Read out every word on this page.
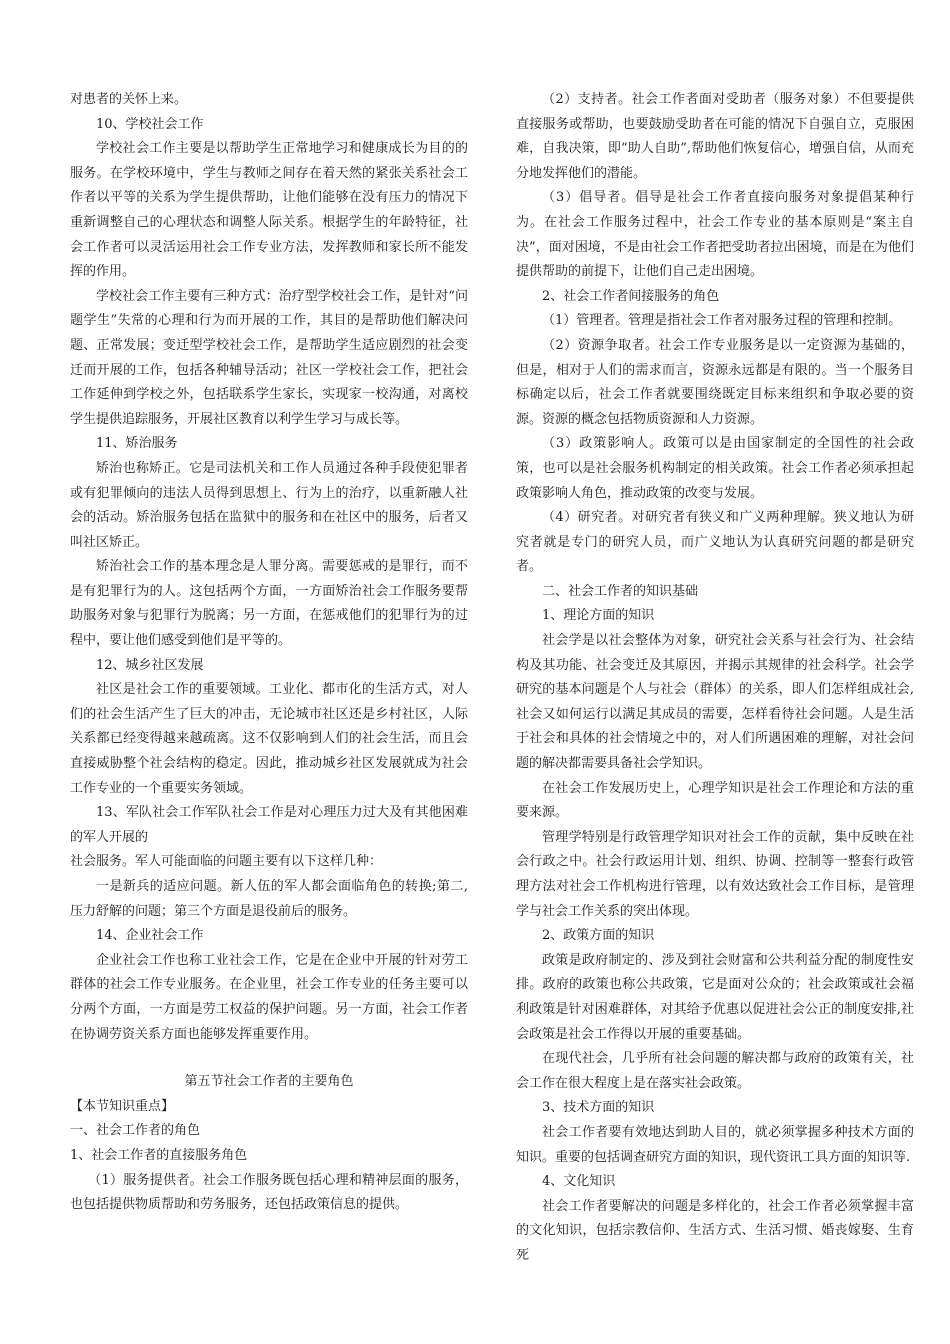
对患者的关怀上来。

10、学校社会工作

学校社会工作主要是以帮助学生正常地学习和健康成长为目的的服务。在学校环境中，学生与教师之间存在着天然的紧张关系社会工作者以平等的关系为学生提供帮助，让他们能够在没有压力的情况下重新调整自己的心理状态和调整人际关系。根据学生的年龄特征，社会工作者可以灵活运用社会工作专业方法，发挥教师和家长所不能发挥的作用。

学校社会工作主要有三种方式：治疗型学校社会工作，是针对“问题学生”失常的心理和行为而开展的工作，其目的是帮助他们解决问题、正常发展；变迁型学校社会工作，是帮助学生适应剧烈的社会变迁而开展的工作，包括各种辅导活动；社区一学校社会工作，把社会工作延伸到学校之外，包括联系学生家长，实现家一校沟通，对离校学生提供追踪服务，开展社区教育以利学生学习与成长等。

11、矫治服务

矫治也称矫正。它是司法机关和工作人员通过各种手段使犯罪者或有犯罪倾向的违法人员得到思想上、行为上的治疗，以重新融人社会的活动。矫治服务包括在监狱中的服务和在社区中的服务，后者又叫社区矫正。

矫治社会工作的基本理念是人罪分离。需要惩戒的是罪行，而不是有犯罪行为的人。这包括两个方面，一方面矫治社会工作服务要帮助服务对象与犯罪行为脱离；另一方面，在惩戒他们的犯罪行为的过程中，要让他们感受到他们是平等的。

12、城乡社区发展

社区是社会工作的重要领域。工业化、都市化的生活方式，对人们的社会生活产生了巨大的冲击，无论城市社区还是乡村社区，人际关系都已经变得越来越疏离。这不仅影响到人们的社会生活，而且会直接威胁整个社会结构的稳定。因此，推动城乡社区发展就成为社会工作专业的一个重要实务领域。

13、军队社会工作军队社会工作是对心理压力过大及有其他困难的军人开展的

社会服务。军人可能面临的问题主要有以下这样几种：

一是新兵的适应问题。新人伍的军人都会面临角色的转换;第二,压力舒解的问题；第三个方面是退役前后的服务。

14、企业社会工作

企业社会工作也称工业社会工作，它是在企业中开展的针对劳工群体的社会工作专业服务。在企业里，社会工作专业的任务主要可以分两个方面，一方面是劳工权益的保护问题。另一方面，社会工作者在协调劳资关系方面也能够发挥重要作用。

第五节社会工作者的主要角色

【本节知识重点】

一、社会工作者的角色

1、社会工作者的直接服务角色

（1）服务提供者。社会工作服务既包括心理和精神层面的服务，也包括提供物质帮助和劳务服务，还包括政策信息的提供。

（2）支持者。社会工作者面对受助者（服务对象）不但要提供直接服务或帮助，也要鼓励受助者在可能的情况下自强自立，克服困难，自我决策，即“助人自助”,帮助他们恢复信心，增强自信，从而充分地发挥他们的潜能。

（3）倡导者。倡导是社会工作者直接向服务对象提倡某种行为。在社会工作服务过程中，社会工作专业的基本原则是“案主自决”，面对困境，不是由社会工作者把受助者拉出困境，而是在为他们提供帮助的前提下，让他们自己走出困境。

2、社会工作者间接服务的角色

（1）管理者。管理是指社会工作者对服务过程的管理和控制。

（2）资源争取者。社会工作专业服务是以一定资源为基础的，但是，相对于人们的需求而言，资源永远都是有限的。当一个服务目标确定以后，社会工作者就要围绕既定目标来组织和争取必要的资源。资源的概念包括物质资源和人力资源。

（3）政策影响人。政策可以是由国家制定的全国性的社会政策，也可以是社会服务机构制定的相关政策。社会工作者必须承担起政策影响人角色，推动政策的改变与发展。

（4）研究者。对研究者有狭义和广义两种理解。狭义地认为研究者就是专门的研究人员，而广义地认为认真研究问题的都是研究者。

二、社会工作者的知识基础

1、理论方面的知识

社会学是以社会整体为对象，研究社会关系与社会行为、社会结构及其功能、社会变迁及其原因，并揭示其规律的社会科学。社会学研究的基本问题是个人与社会（群体）的关系，即人们怎样组成社会,社会又如何运行以满足其成员的需要，怎样看待社会问题。人是生活于社会和具体的社会情境之中的，对人们所遇困难的理解，对社会问题的解决都需要具备社会学知识。

在社会工作发展历史上，心理学知识是社会工作理论和方法的重要来源。

管理学特别是行政管理学知识对社会工作的贡献，集中反映在社会行政之中。社会行政运用计划、组织、协调、控制等一整套行政管理方法对社会工作机构进行管理，以有效达致社会工作目标，是管理学与社会工作关系的突出体现。

2、政策方面的知识

政策是政府制定的、涉及到社会财富和公共利益分配的制度性安排。政府的政策也称公共政策，它是面对公众的；社会政策或社会福利政策是针对困难群体，对其给予优惠以促进社会公正的制度安排,社会政策是社会工作得以开展的重要基础。

在现代社会，几乎所有社会问题的解决都与政府的政策有关，社会工作在很大程度上是在落实社会政策。

3、技术方面的知识

社会工作者要有效地达到助人目的，就必须掌握多种技术方面的知识。重要的包括调查研究方面的知识，现代资讯工具方面的知识等.

4、文化知识

社会工作者要解决的问题是多样化的，社会工作者必须掌握丰富的文化知识，包括宗教信仰、生活方式、生活习惯、婚丧嫁娶、生育死
